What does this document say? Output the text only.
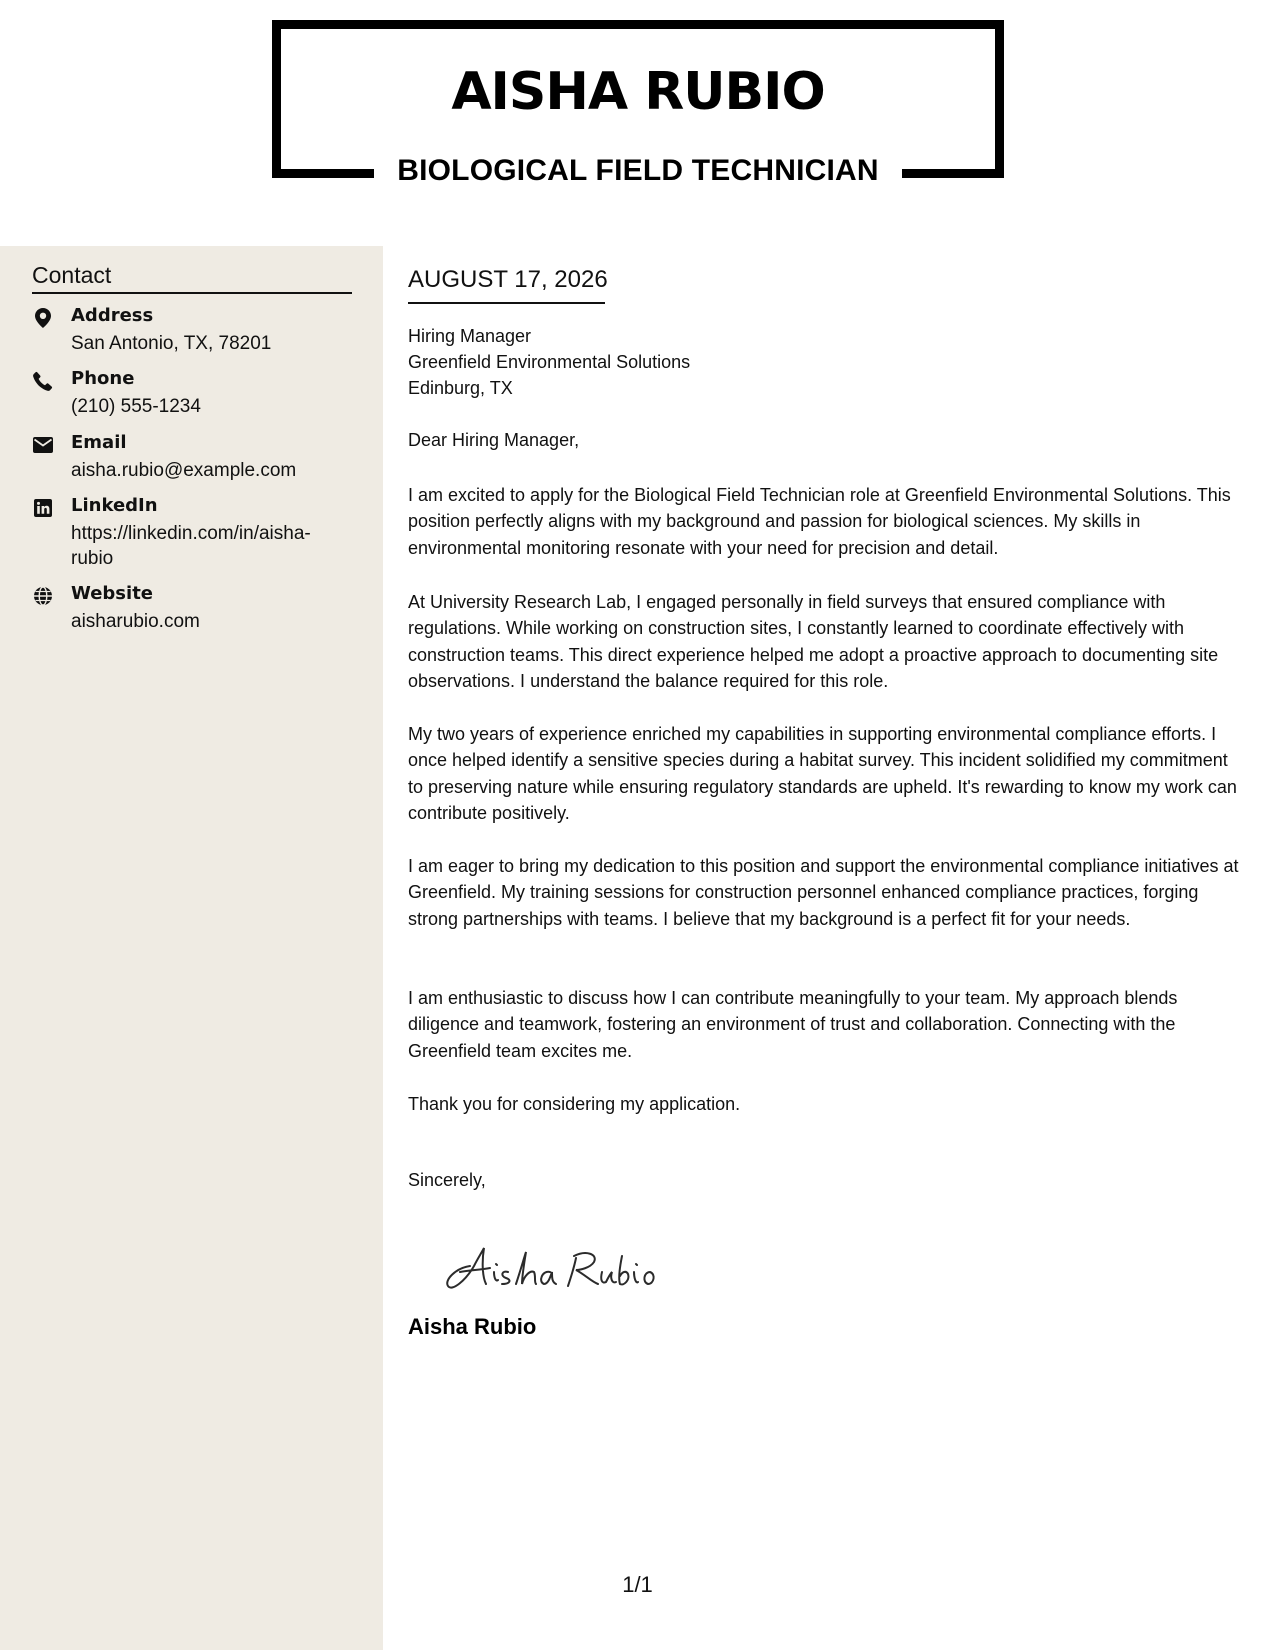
AISHA RUBIO
BIOLOGICAL FIELD TECHNICIAN
Contact
Address
San Antonio, TX, 78201
Phone
(210) 555-1234
Email
aisha.rubio@example.com
LinkedIn
https://linkedin.com/in/aisha-rubio
Website
aisharubio.com
AUGUST 17, 2026
Hiring Manager
Greenfield Environmental Solutions
Edinburg, TX
Dear Hiring Manager,

I am excited to apply for the Biological Field Technician role at Greenfield Environmental Solutions. This position perfectly aligns with my background and passion for biological sciences. My skills in environmental monitoring resonate with your need for precision and detail.

At University Research Lab, I engaged personally in field surveys that ensured compliance with regulations. While working on construction sites, I constantly learned to coordinate effectively with construction teams. This direct experience helped me adopt a proactive approach to documenting site observations. I understand the balance required for this role.

My two years of experience enriched my capabilities in supporting environmental compliance efforts. I once helped identify a sensitive species during a habitat survey. This incident solidified my commitment to preserving nature while ensuring regulatory standards are upheld. It's rewarding to know my work can contribute positively.

I am eager to bring my dedication to this position and support the environmental compliance initiatives at Greenfield. My training sessions for construction personnel enhanced compliance practices, forging strong partnerships with teams. I believe that my background is a perfect fit for your needs.

I am enthusiastic to discuss how I can contribute meaningfully to your team. My approach blends diligence and teamwork, fostering an environment of trust and collaboration. Connecting with the Greenfield team excites me.

Thank you for considering my application.

Sincerely,
Aisha Rubio
1/1
